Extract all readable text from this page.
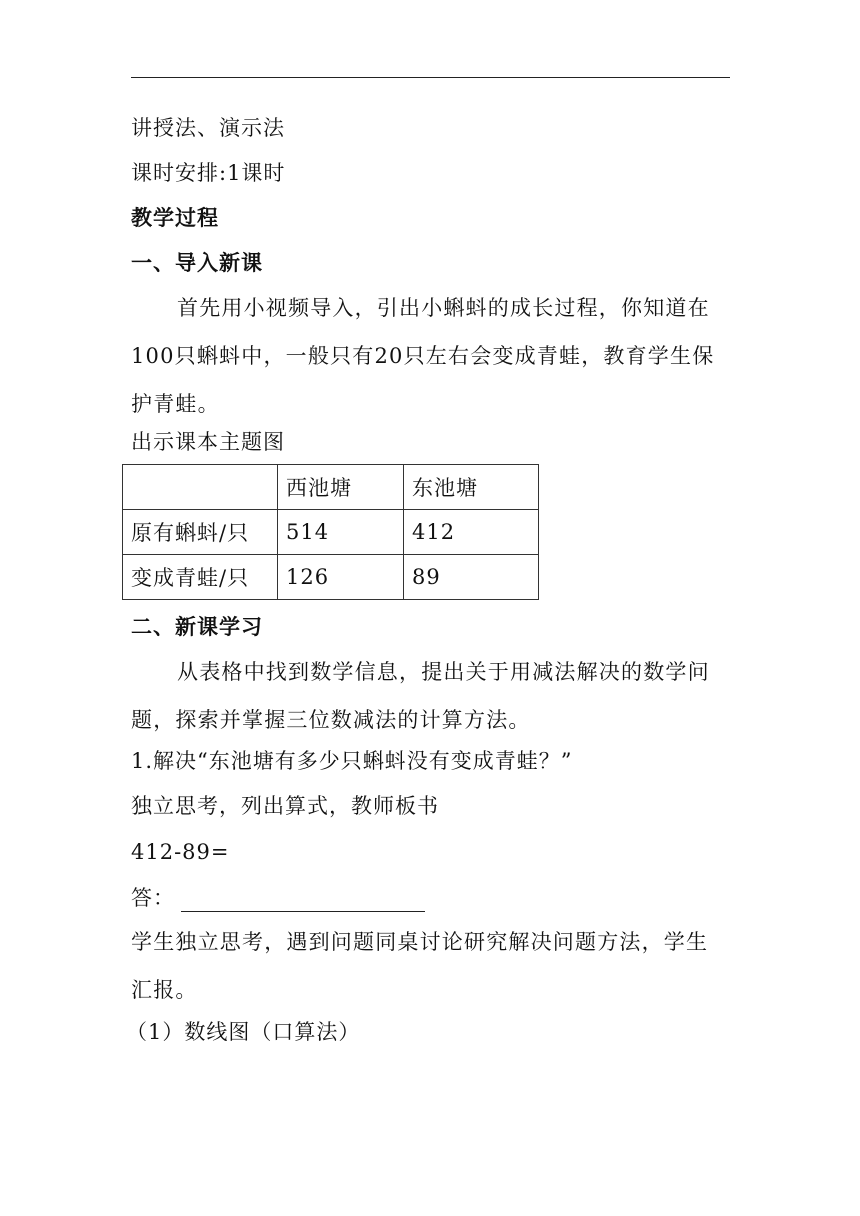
讲授法、演示法
课时安排:1课时
教学过程
一、导入新课

首先用小视频导入，引出小蝌蚪的成长过程，你知道在100只蝌蚪中，一般只有20只左右会变成青蛙，教育学生保护青蛙。

出示课本主题图
	西池塘	东池塘
原有蝌蚪/只	514	412
变成青蛙/只	126	89
二、新课学习

从表格中找到数学信息，提出关于用减法解决的数学问题，探索并掌握三位数减法的计算方法。

1.解决“东池塘有多少只蝌蚪没有变成青蛙？”
独立思考，列出算式，教师板书
412-89=
答：

学生独立思考，遇到问题同桌讨论研究解决问题方法，学生汇报。

（1）数线图（口算法）
